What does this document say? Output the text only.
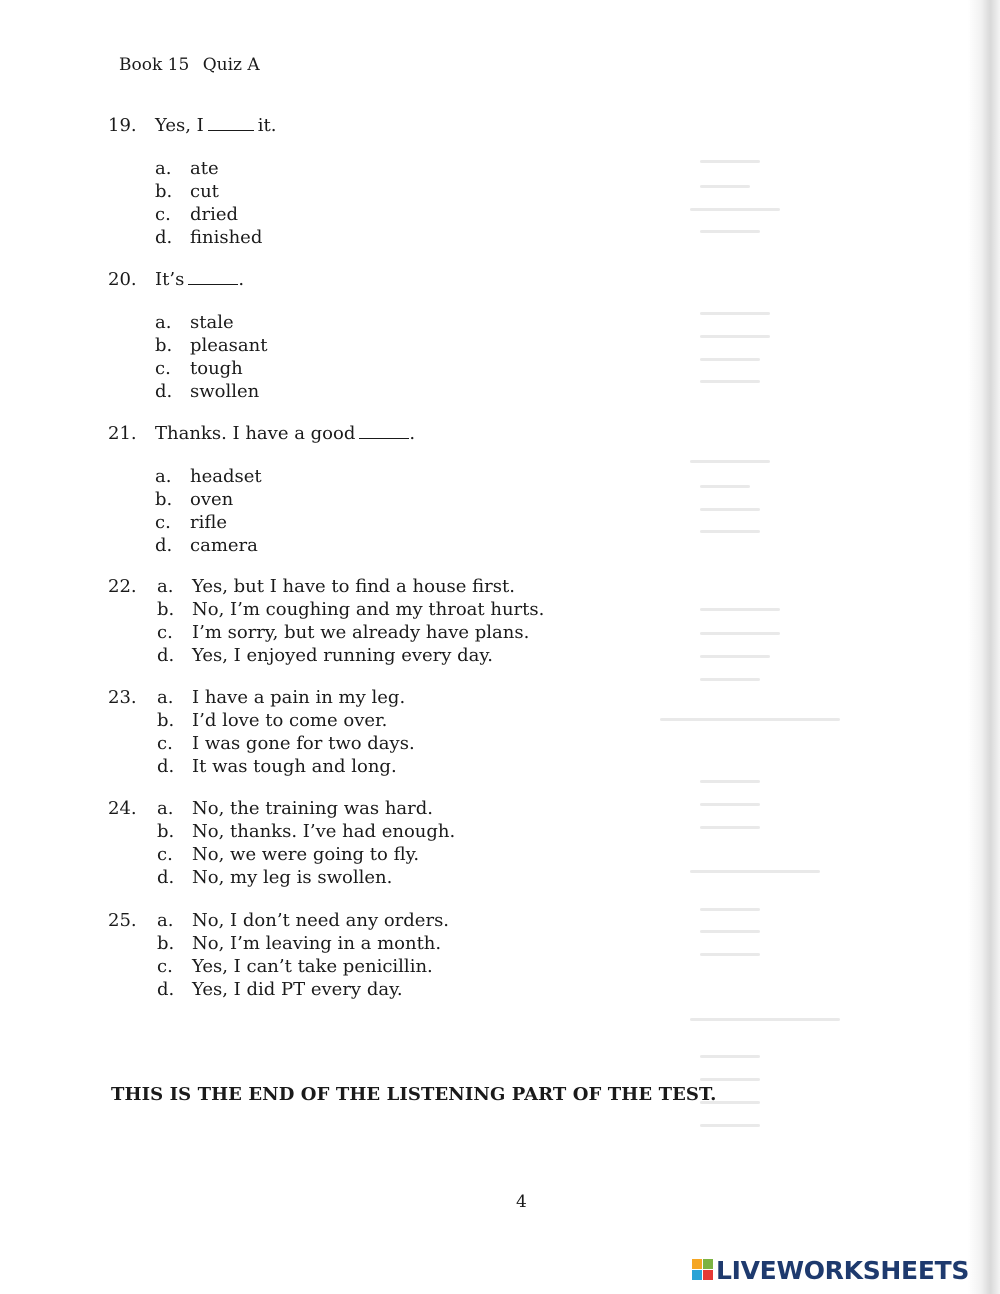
Book 15 Quiz A
19.	Yes, I	it.
a.	ate
b. cut
c.	dried
d. finished
20.	It’s	.
a.	stale
b. pleasant
c.	tough
d. swollen
21.	Thanks. I have a good	.
a.	headset
b. oven
c.	rifle
d. camera
22.	a.	Yes, but I have to find a house first.
b. No, I’m coughing and my throat hurts.
c.	I’m sorry, but we already have plans.
d. Yes, I enjoyed running every day.
23.	a.	I have a pain in my leg.
b. I’d love to come over.
c.	I was gone for two days.
d. It was tough and long.
24.	a.	No, the training was hard.
b. No, thanks. I’ve had enough.
c.	No, we were going to fly.
d. No, my leg is swollen.
25.	a.	No, I don’t need any orders.
b. No, I’m leaving in a month.
c.	Yes, I can’t take penicillin.
d. Yes, I did PT every day.
THIS IS THE END OF THE LISTENING PART OF THE TEST.
4
LIVEWORKSHEETS
